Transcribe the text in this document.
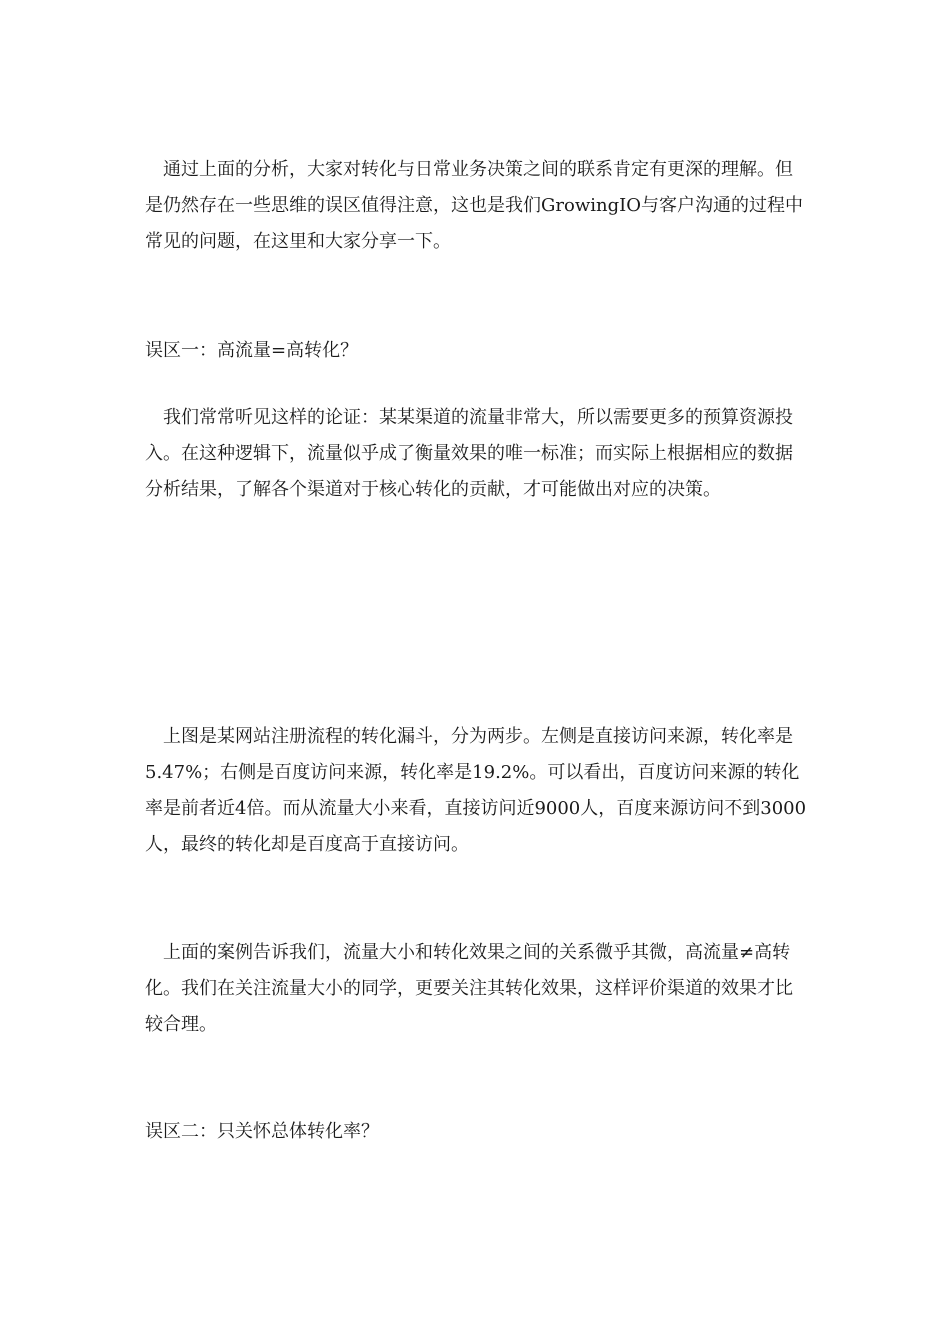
通过上面的分析，大家对转化与日常业务决策之间的联系肯定有更深的理解。但是仍然存在一些思维的误区值得注意，这也是我们GrowingIO与客户沟通的过程中常见的问题，在这里和大家分享一下。

误区一：高流量=高转化？

我们常常听见这样的论证：某某渠道的流量非常大，所以需要更多的预算资源投入。在这种逻辑下，流量似乎成了衡量效果的唯一标准；而实际上根据相应的数据分析结果，了解各个渠道对于核心转化的贡献，才可能做出对应的决策。

上图是某网站注册流程的转化漏斗，分为两步。左侧是直接访问来源，转化率是5.47%；右侧是百度访问来源，转化率是19.2%。可以看出，百度访问来源的转化率是前者近4倍。而从流量大小来看，直接访问近9000人，百度来源访问不到3000人，最终的转化却是百度高于直接访问。

上面的案例告诉我们，流量大小和转化效果之间的关系微乎其微，高流量≠高转化。我们在关注流量大小的同学，更要关注其转化效果，这样评价渠道的效果才比较合理。

误区二：只关怀总体转化率？
